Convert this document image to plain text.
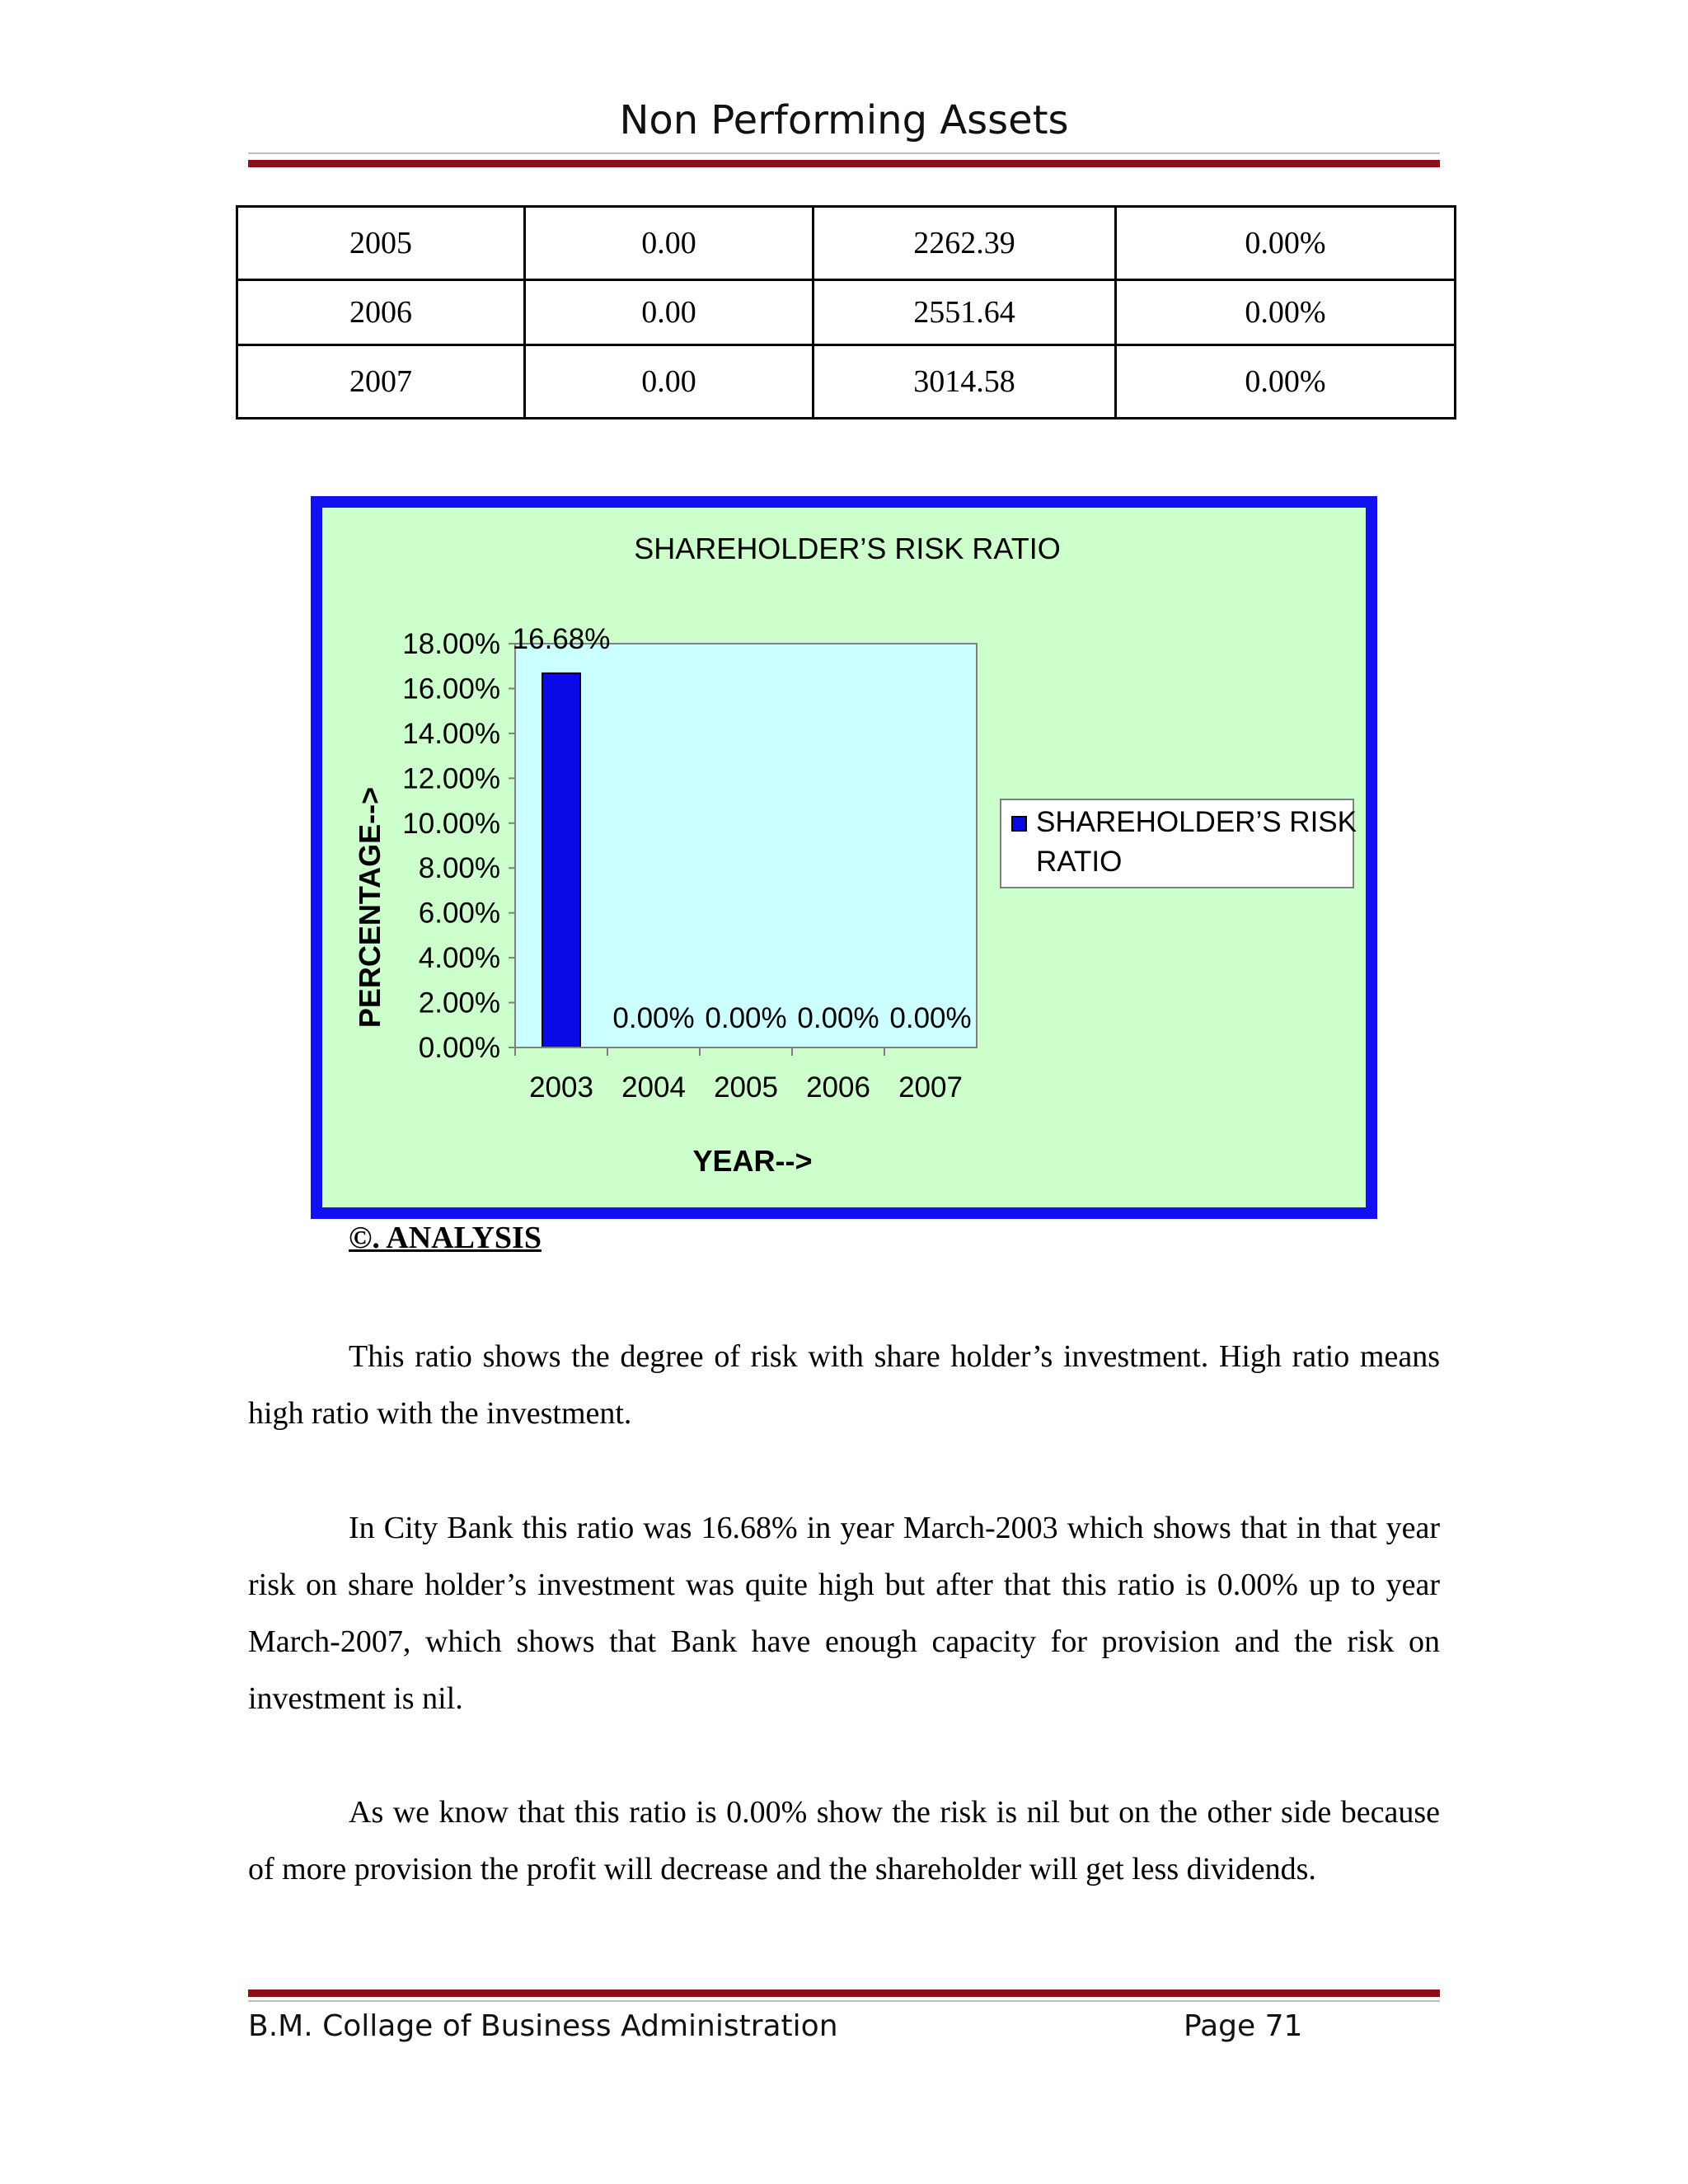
Non Performing Assets
2005	0.00	2262.39	0.00%
2006	0.00	2551.64	0.00%
2007	0.00	3014.58	0.00%
SHAREHOLDER’S RISK RATIO
0.00%
2.00%
4.00%
6.00%
8.00%
10.00%
12.00%
14.00%
16.00%
18.00%
2003
16.68%
2004
0.00%
2005
0.00%
2006
0.00%
2007
0.00%
YEAR-->
PERCENTAGE-->	SHAREHOLDER’S RISK
RATIO
©. ANALYSIS
This ratio shows the degree of risk with share holder’s investment. High ratio means high ratio with the investment.
In City Bank this ratio was 16.68% in year March-2003 which shows that in that year risk on share holder’s investment was quite high but after that this ratio is 0.00% up to year March-2007, which shows that Bank have enough capacity for provision and the risk on investment is nil.
As we know that this ratio is 0.00% show the risk is nil but on the other side because of more provision the profit will decrease and the shareholder will get less dividends.
B.M. Collage of Business Administration	Page 71
